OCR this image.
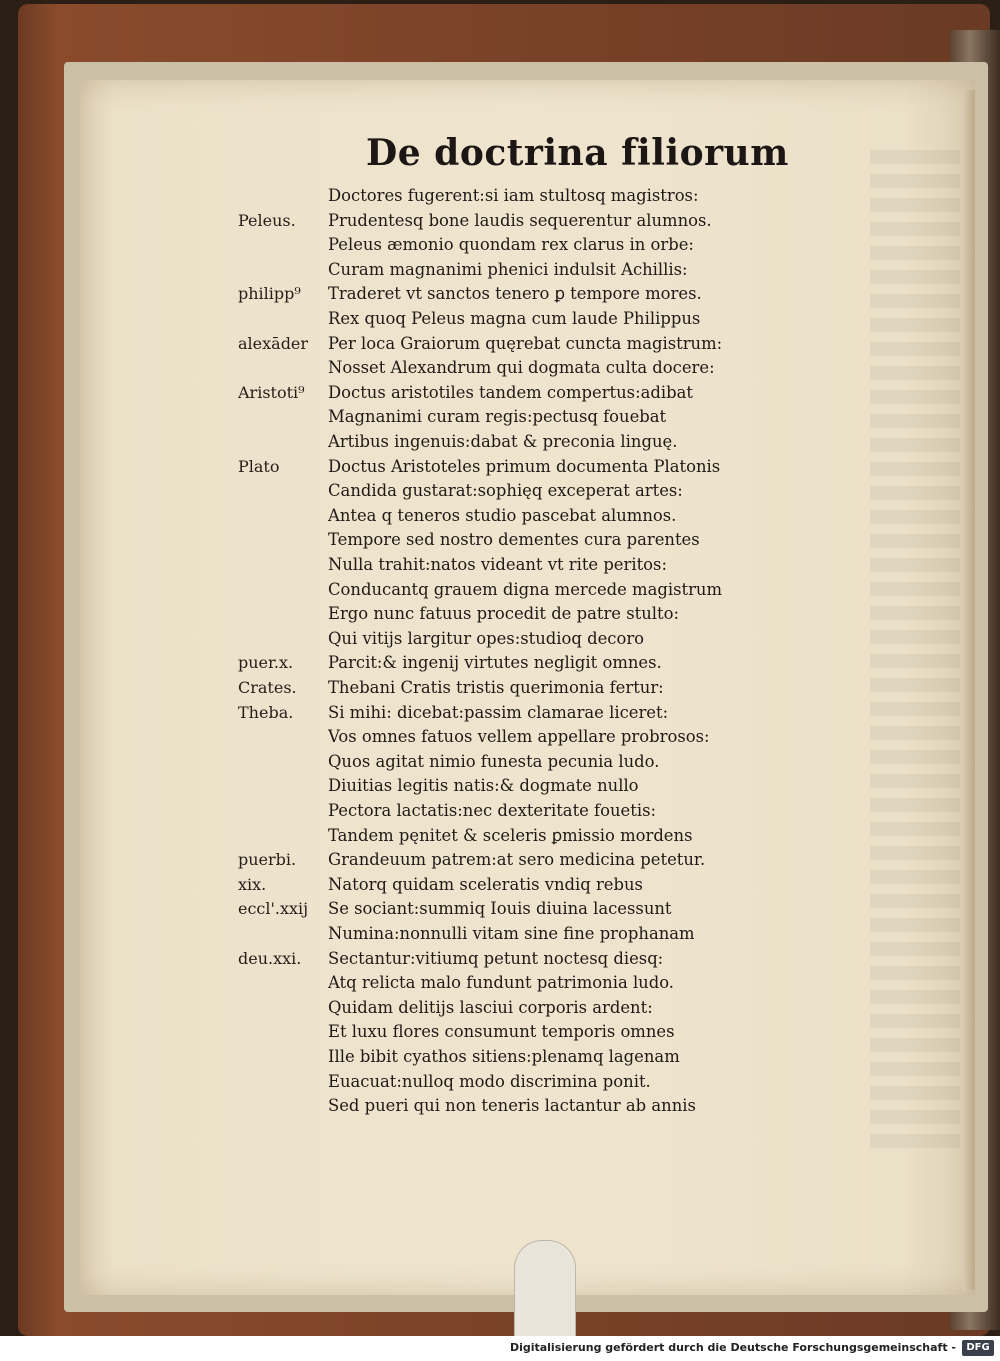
De doctrina filiorum
Doctores fugerent:si iam stultosq magistros:
Peleus.	Prudentesq bone laudis sequerentur alumnos.
Peleus æmonio quondam rex clarus in orbe:
Curam magnanimi phenici indulsit Achillis:
philipp⁹	Traderet vt sanctos tenero ꝑ tempore mores.
Rex quoq Peleus magna cum laude Philippus
alexāder	Per loca Graiorum quęrebat cuncta magistrum:
Nosset Alexandrum qui dogmata culta docere:
Aristoti⁹	Doctus aristotiles tandem compertus:adibat
Magnanimi curam regis:pectusq fouebat
Artibus ingenuis:dabat & preconia linguę.
Plato	Doctus Aristoteles primum documenta Platonis
Candida gustarat:sophięq exceperat artes:
Antea q teneros studio pascebat alumnos.
Tempore sed nostro dementes cura parentes
Nulla trahit:natos videant vt rite peritos:
Conducantq grauem digna mercede magistrum
Ergo nunc fatuus procedit de patre stulto:
Qui vitijs largitur opes:studioq decoro
puer.x.	Parcit:& ingenij virtutes negligit omnes.
Crates.	Thebani Cratis tristis querimonia fertur:
Theba.	Si mihi: dicebat:passim clamarae liceret:
Vos omnes fatuos vellem appellare probrosos:
Quos agitat nimio funesta pecunia ludo.
Diuitias legitis natis:& dogmate nullo
Pectora lactatis:nec dexteritate fouetis:
Tandem pęnitet & sceleris ꝑmissio mordens
puerbi.	Grandeuum patrem:at sero medicina petetur.
xix.	Natorq quidam sceleratis vndiq rebus
eccl'.xxij	Se sociant:summiq Iouis diuina lacessunt
Numina:nonnulli vitam sine fine prophanam
deu.xxi.	Sectantur:vitiumq petunt noctesq diesq:
Atq relicta malo fundunt patrimonia ludo.
Quidam delitijs lasciui corporis ardent:
Et luxu flores consumunt temporis omnes
Ille bibit cyathos sitiens:plenamq lagenam
Euacuat:nulloq modo discrimina ponit.
Sed pueri qui non teneris lactantur ab annis
Digitalisierung gefördert durch die Deutsche Forschungsgemeinschaft -	DFG
